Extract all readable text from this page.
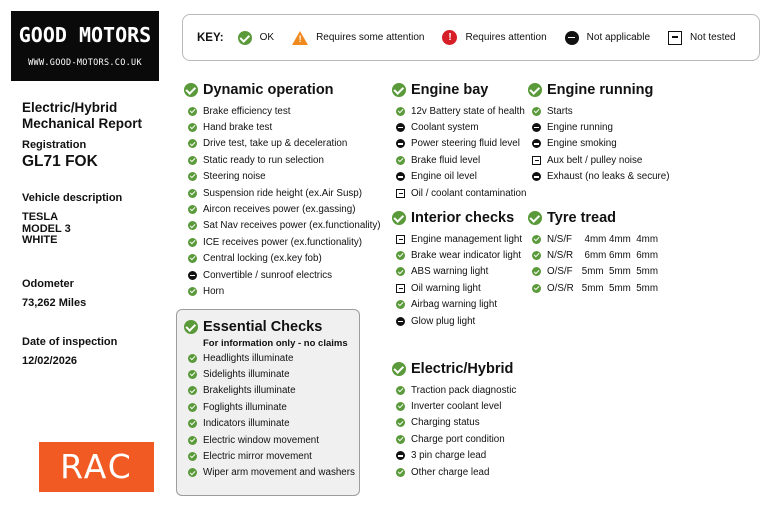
GOOD MOTORS
WWW.GOOD-MOTORS.CO.UK
Electric/Hybrid
Mechanical Report
Registration
GL71 FOK
Vehicle description
TESLA
MODEL 3
WHITE
Odometer
73,262 Miles
Date of inspection
12/02/2026
RAC
KEY:	OK !	Requires some attention !	Requires attention	Not applicable	Not tested
Dynamic operation
Brake efficiency test
Hand brake test
Drive test, take up & deceleration
Static ready to run selection
Steering noise
Suspension ride height (ex.Air Susp)
Aircon receives power (ex.gassing)
Sat Nav receives power (ex.functionality)
ICE receives power (ex.functionality)
Central locking (ex.key fob)
Convertible / sunroof electrics
Horn
Essential Checks
For information only - no claims
Headlights illuminate
Sidelights illuminate
Brakelights illuminate
Foglights illuminate
Indicators illuminate
Electric window movement
Electric mirror movement
Wiper arm movement and washers
Engine bay
12v Battery state of health
Coolant system
Power steering fluid level
Brake fluid level
Engine oil level
Oil / coolant contamination
Interior checks
Engine management light
Brake wear indicator light
ABS warning light
Oil warning light
Airbag warning light
Glow plug light
Electric/Hybrid
Traction pack diagnostic
Inverter coolant level
Charging status
Charge port condition
3 pin charge lead
Other charge lead
Engine running
Starts
Engine running
Engine smoking
Aux belt / pulley noise
Exhaust (no leaks & secure)
Tyre tread
N/S/F	4mm 4mm  4mm
N/S/R	6mm 6mm  6mm
O/S/F 5mm  5mm  5mm
O/S/R 5mm  5mm  5mm
